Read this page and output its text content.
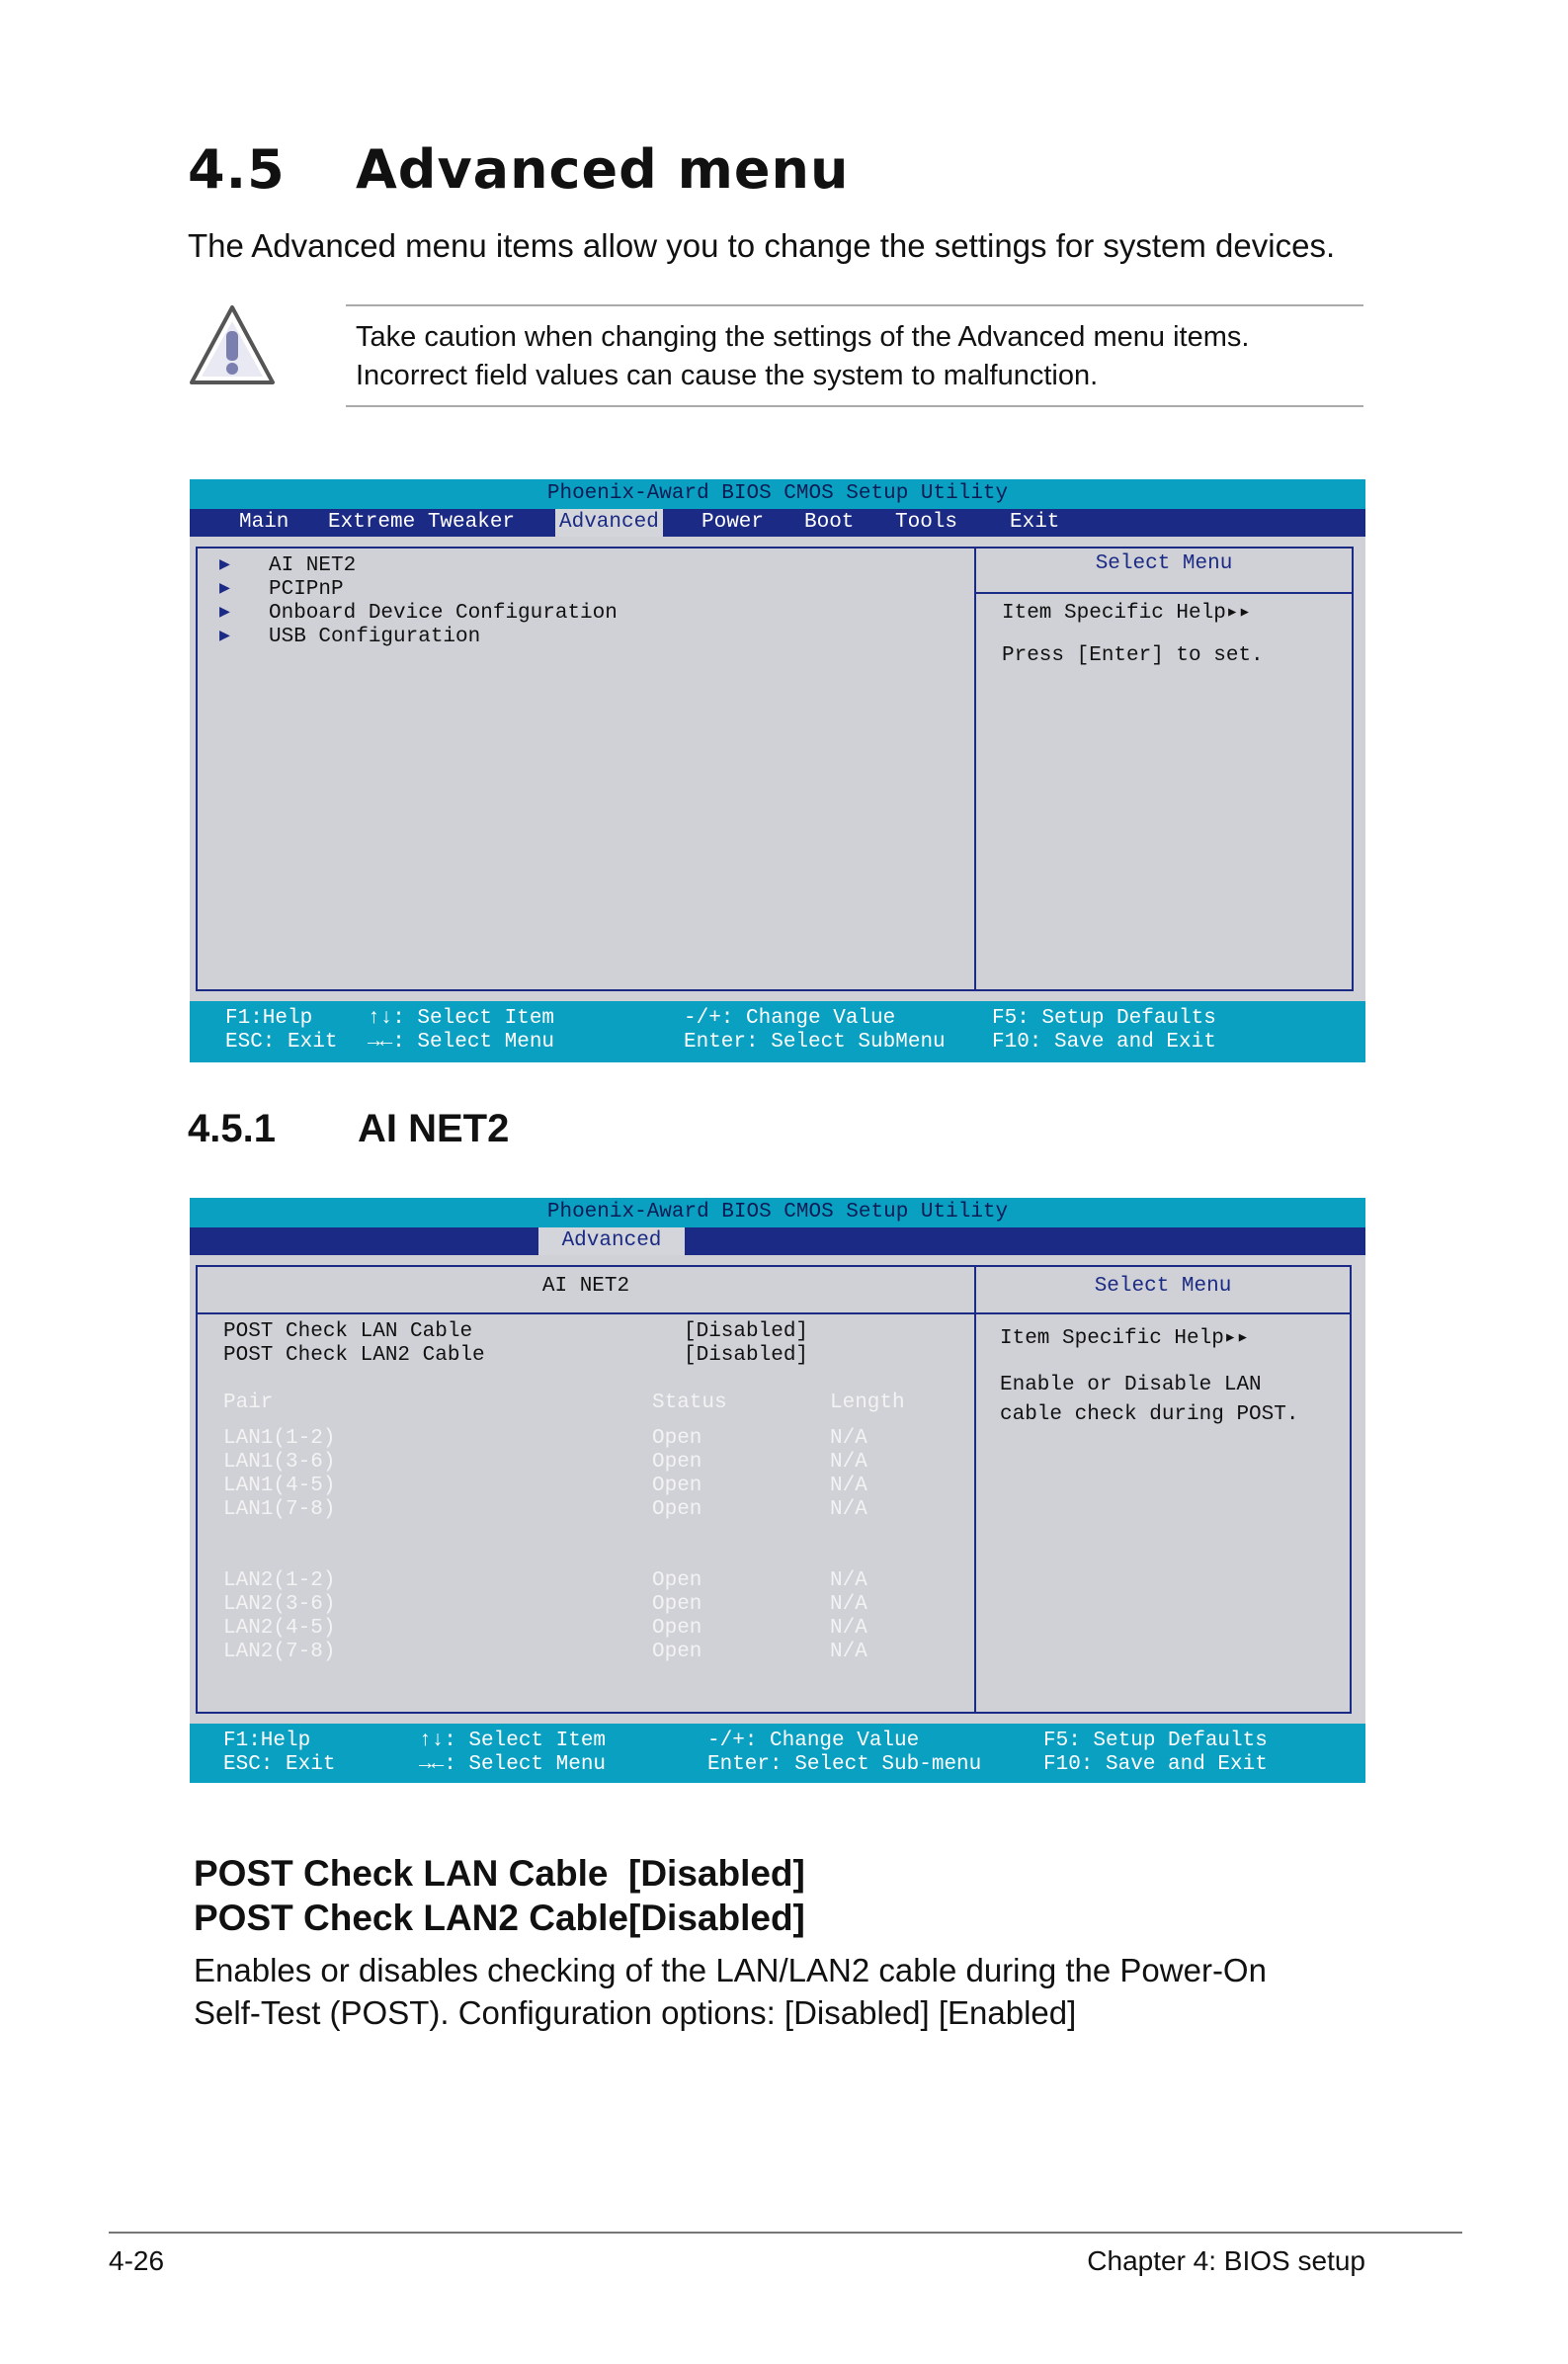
4.5 Advanced menu

The Advanced menu items allow you to change the settings for system devices.

Take caution when changing the settings of the Advanced menu items. Incorrect field values can cause the system to malfunction.
Phoenix-Award BIOS CMOS Setup Utility
Main Extreme Tweaker Advanced Power Boot Tools	Exit
▶ AI NET2
▶ PCIPnP
▶ Onboard Device Configuration
▶ USB Configuration
Select Menu
Item Specific Help▸▸
Press [Enter] to set.
F1:Help
ESC: Exit
↑↓: Select Item
→←: Select Menu
-/+: Change Value
Enter: Select SubMenu
F5: Setup Defaults
F10: Save and Exit
4.5.1 AI NET2
Phoenix-Award BIOS CMOS Setup Utility
Advanced
AI NET2	Select Menu
POST Check LAN Cable	[Disabled]
POST Check LAN2 Cable	[Disabled]
Pair	Status	Length
LAN1(1-2)	Open	N/A
LAN1(3-6)	Open	N/A
LAN1(4-5)	Open	N/A
LAN1(7-8)	Open	N/A
LAN2(1-2)	Open	N/A
LAN2(3-6)	Open	N/A
LAN2(4-5)	Open	N/A
LAN2(7-8)	Open	N/A
Item Specific Help▸▸
Enable or Disable LAN
cable check during POST.
F1:Help
ESC: Exit
↑↓: Select Item
→←: Select Menu
-/+: Change Value
Enter: Select Sub-menu
F5: Setup Defaults
F10: Save and Exit
POST Check LAN Cable [Disabled]
POST Check LAN2 Cable[Disabled]

Enables or disables checking of the LAN/LAN2 cable during the Power-On Self-Test (POST). Configuration options: [Disabled] [Enabled]

4-26	Chapter 4: BIOS setup
